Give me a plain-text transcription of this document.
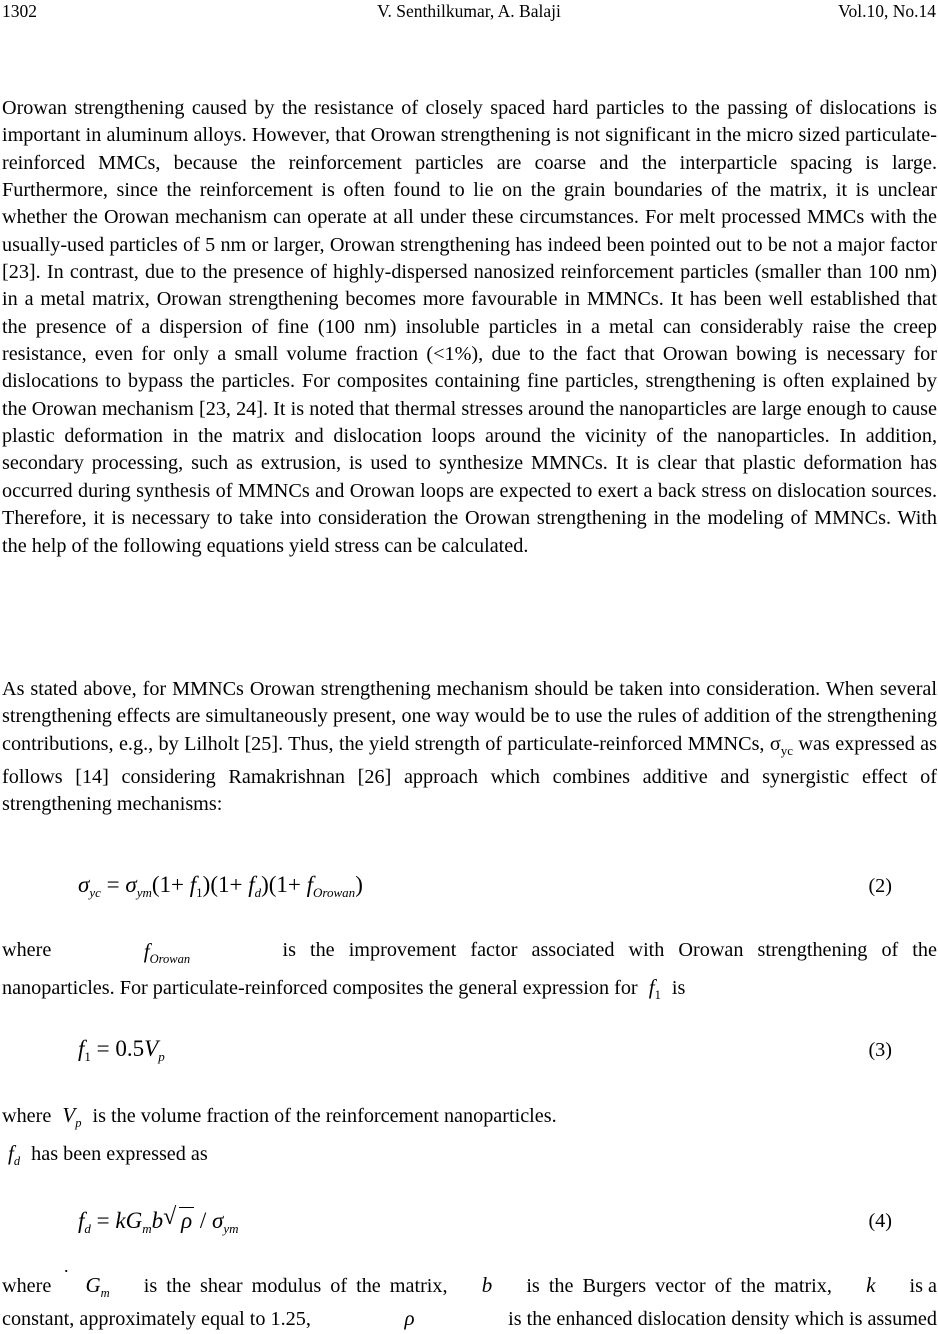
1302	V. Senthilkumar, A. Balaji	Vol.10, No.14

Orowan strengthening caused by the resistance of closely spaced hard particles to the passing of dislocations is important in aluminum alloys. However, that Orowan strengthening is not significant in the micro sized particulate-reinforced MMCs, because the reinforcement particles are coarse and the interparticle spacing is large. Furthermore, since the reinforcement is often found to lie on the grain boundaries of the matrix, it is unclear whether the Orowan mechanism can operate at all under these circumstances. For melt processed MMCs with the usually-used particles of 5 nm or larger, Orowan strengthening has indeed been pointed out to be not a major factor [23]. In contrast, due to the presence of highly-dispersed nanosized reinforcement particles (smaller than 100 nm) in a metal matrix, Orowan strengthening becomes more favourable in MMNCs. It has been well established that the presence of a dispersion of fine (100 nm) insoluble particles in a metal can considerably raise the creep resistance, even for only a small volume fraction (<1%), due to the fact that Orowan bowing is necessary for dislocations to bypass the particles. For composites containing fine particles, strengthening is often explained by the Orowan mechanism [23, 24]. It is noted that thermal stresses around the nanoparticles are large enough to cause plastic deformation in the matrix and dislocation loops around the vicinity of the nanoparticles. In addition, secondary processing, such as extrusion, is used to synthesize MMNCs. It is clear that plastic deformation has occurred during synthesis of MMNCs and Orowan loops are expected to exert a back stress on dislocation sources. Therefore, it is necessary to take into consideration the Orowan strengthening in the modeling of MMNCs. With the help of the following equations yield stress can be calculated.

As stated above, for MMNCs Orowan strengthening mechanism should be taken into consideration. When several strengthening effects are simultaneously present, one way would be to use the rules of addition of the strengthening contributions, e.g., by Lilholt [25]. Thus, the yield strength of particulate-reinforced MMNCs, $\sigma_{yc}$ was expressed as follows [14] considering Ramakrishnan [26] approach which combines additive and synergistic effect of strengthening mechanisms:

$\sigma_{yc} = \sigma_{ym}(1+ f_1)(1+ f_d)(1+ f_{Orowan})$	(2)
where	$f_{Orowan}$	is the improvement factor associated with Orowan strengthening of the
nanoparticles. For particulate-reinforced composites the general expression for $f_1$ is
$f_1 = 0.5V_p$	(3)
where $V_p$ is the volume fraction of the reinforcement nanoparticles.
$f_d$ has been expressed as
$f_d = kG_mb$ √ ρ / $\sigma_{ym}$	(4)
.
where $G_m$ is the shear modulus of the matrix, b is the Burgers vector of the matrix, k is a
constant, approximately equal to 1.25,	ρ	is the enhanced dislocation density which is assumed
